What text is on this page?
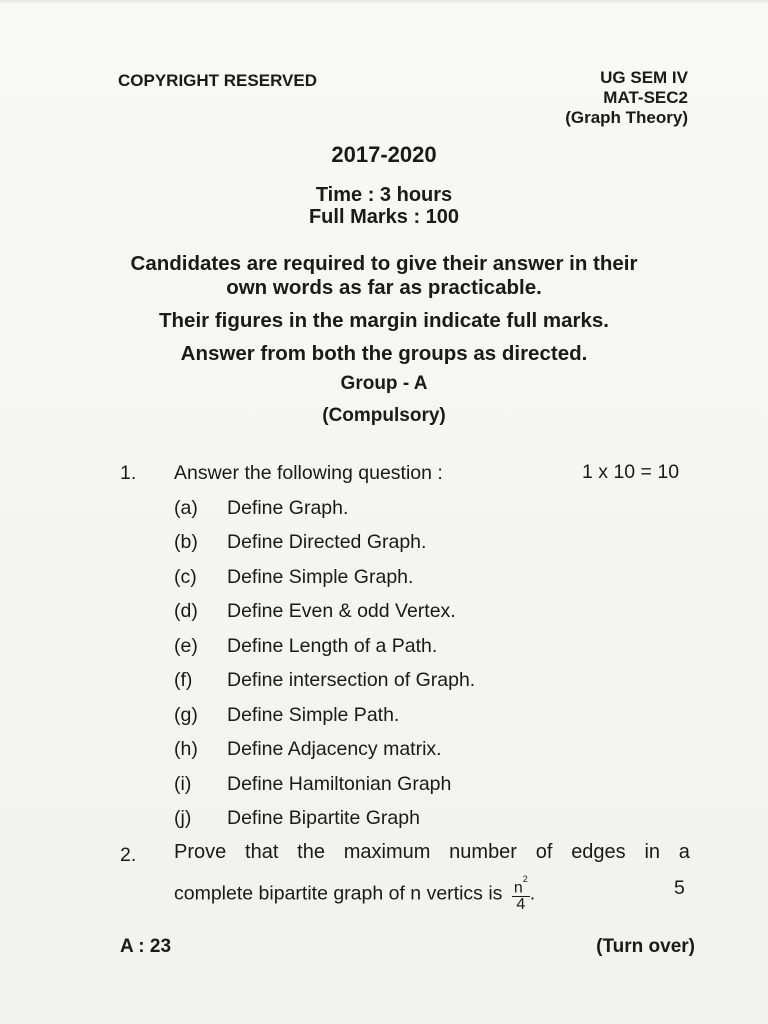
COPYRIGHT RESERVED	UG SEM IV
MAT-SEC2
(Graph Theory)
2017-2020
Time : 3 hours
Full Marks : 100
Candidates are required to give their answer in their
own words as far as practicable.
Their figures in the margin indicate full marks.
Answer from both the groups as directed.
Group - A
(Compulsory)
1. Answer the following question :	1 x 10 = 10
(a) Define Graph.
(b) Define Directed Graph.
(c) Define Simple Graph.
(d) Define Even & odd Vertex.
(e) Define Length of a Path.
(f) Define intersection of Graph.
(g) Define Simple Path.
(h) Define Adjacency matrix.
(i) Define Hamiltonian Graph
(j) Define Bipartite Graph
2. Prove that the maximum number of edges in a
complete bipartite graph of n vertics is $\frac{n^2}{4}$ .	5
A : 23	(Turn over)
